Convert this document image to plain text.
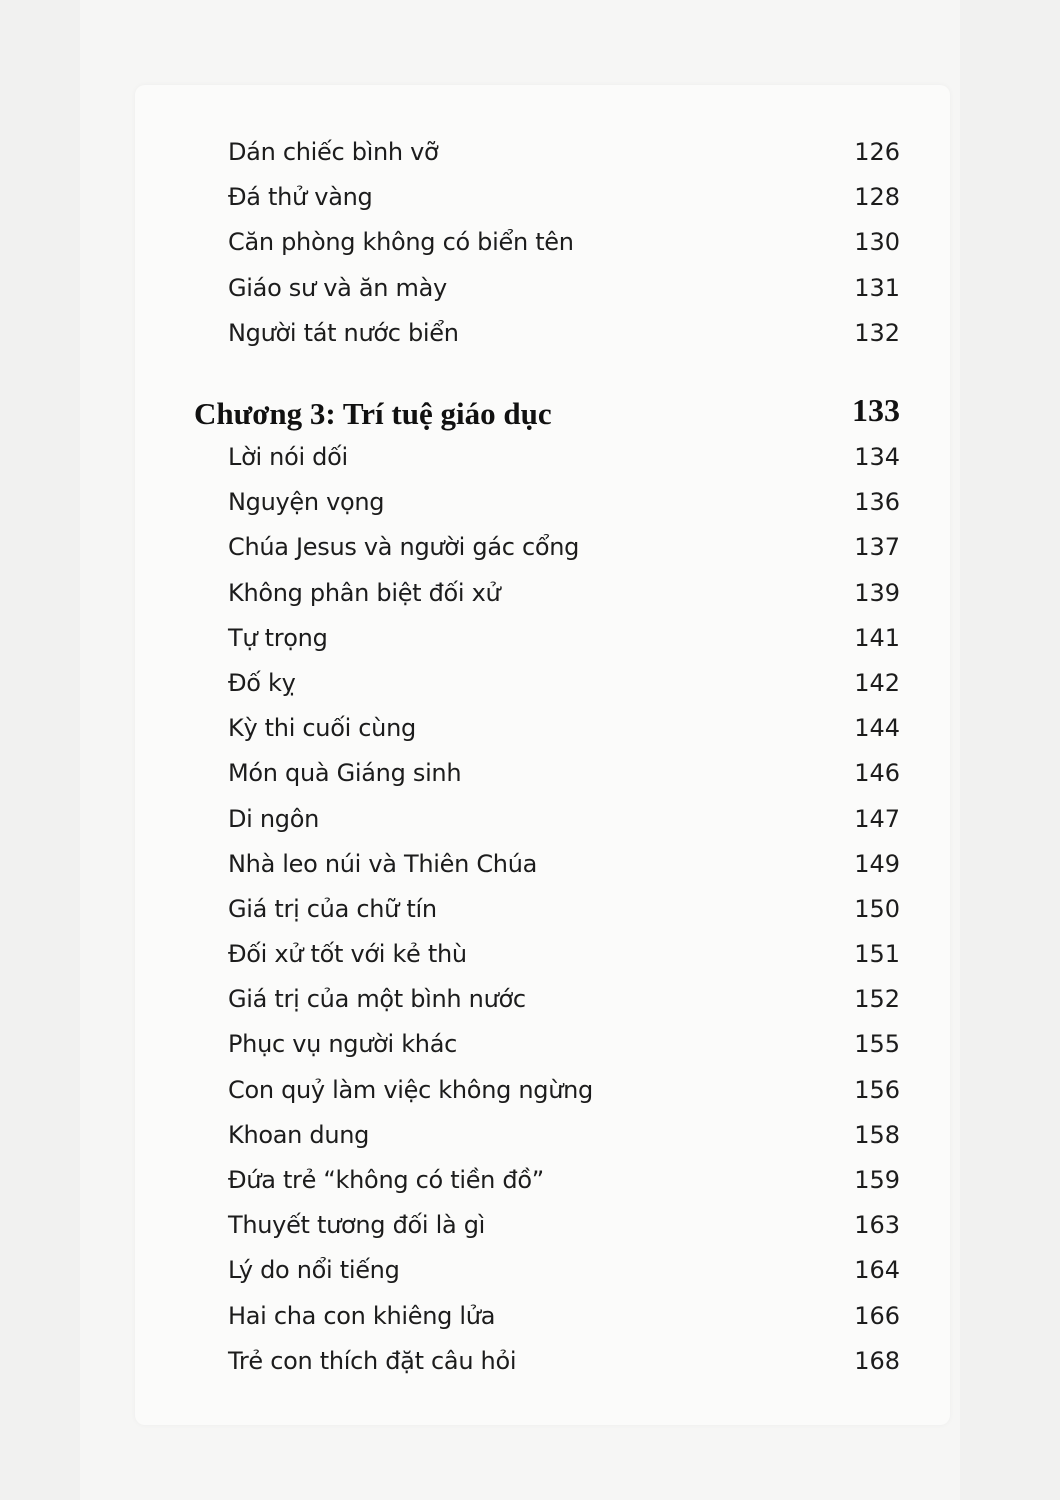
Dán chiếc bình vỡ	126
Đá thử vàng	128
Căn phòng không có biển tên	130
Giáo sư và ăn mày	131
Người tát nước biển	132
Chương 3: Trí tuệ giáo dục	133
Lời nói dối	134
Nguyện vọng	136
Chúa Jesus và người gác cổng	137
Không phân biệt đối xử	139
Tự trọng	141
Đố kỵ	142
Kỳ thi cuối cùng	144
Món quà Giáng sinh	146
Di ngôn	147
Nhà leo núi và Thiên Chúa	149
Giá trị của chữ tín	150
Đối xử tốt với kẻ thù	151
Giá trị của một bình nước	152
Phục vụ người khác	155
Con quỷ làm việc không ngừng	156
Khoan dung	158
Đứa trẻ “không có tiền đồ”	159
Thuyết tương đối là gì	163
Lý do nổi tiếng	164
Hai cha con khiêng lửa	166
Trẻ con thích đặt câu hỏi	168
